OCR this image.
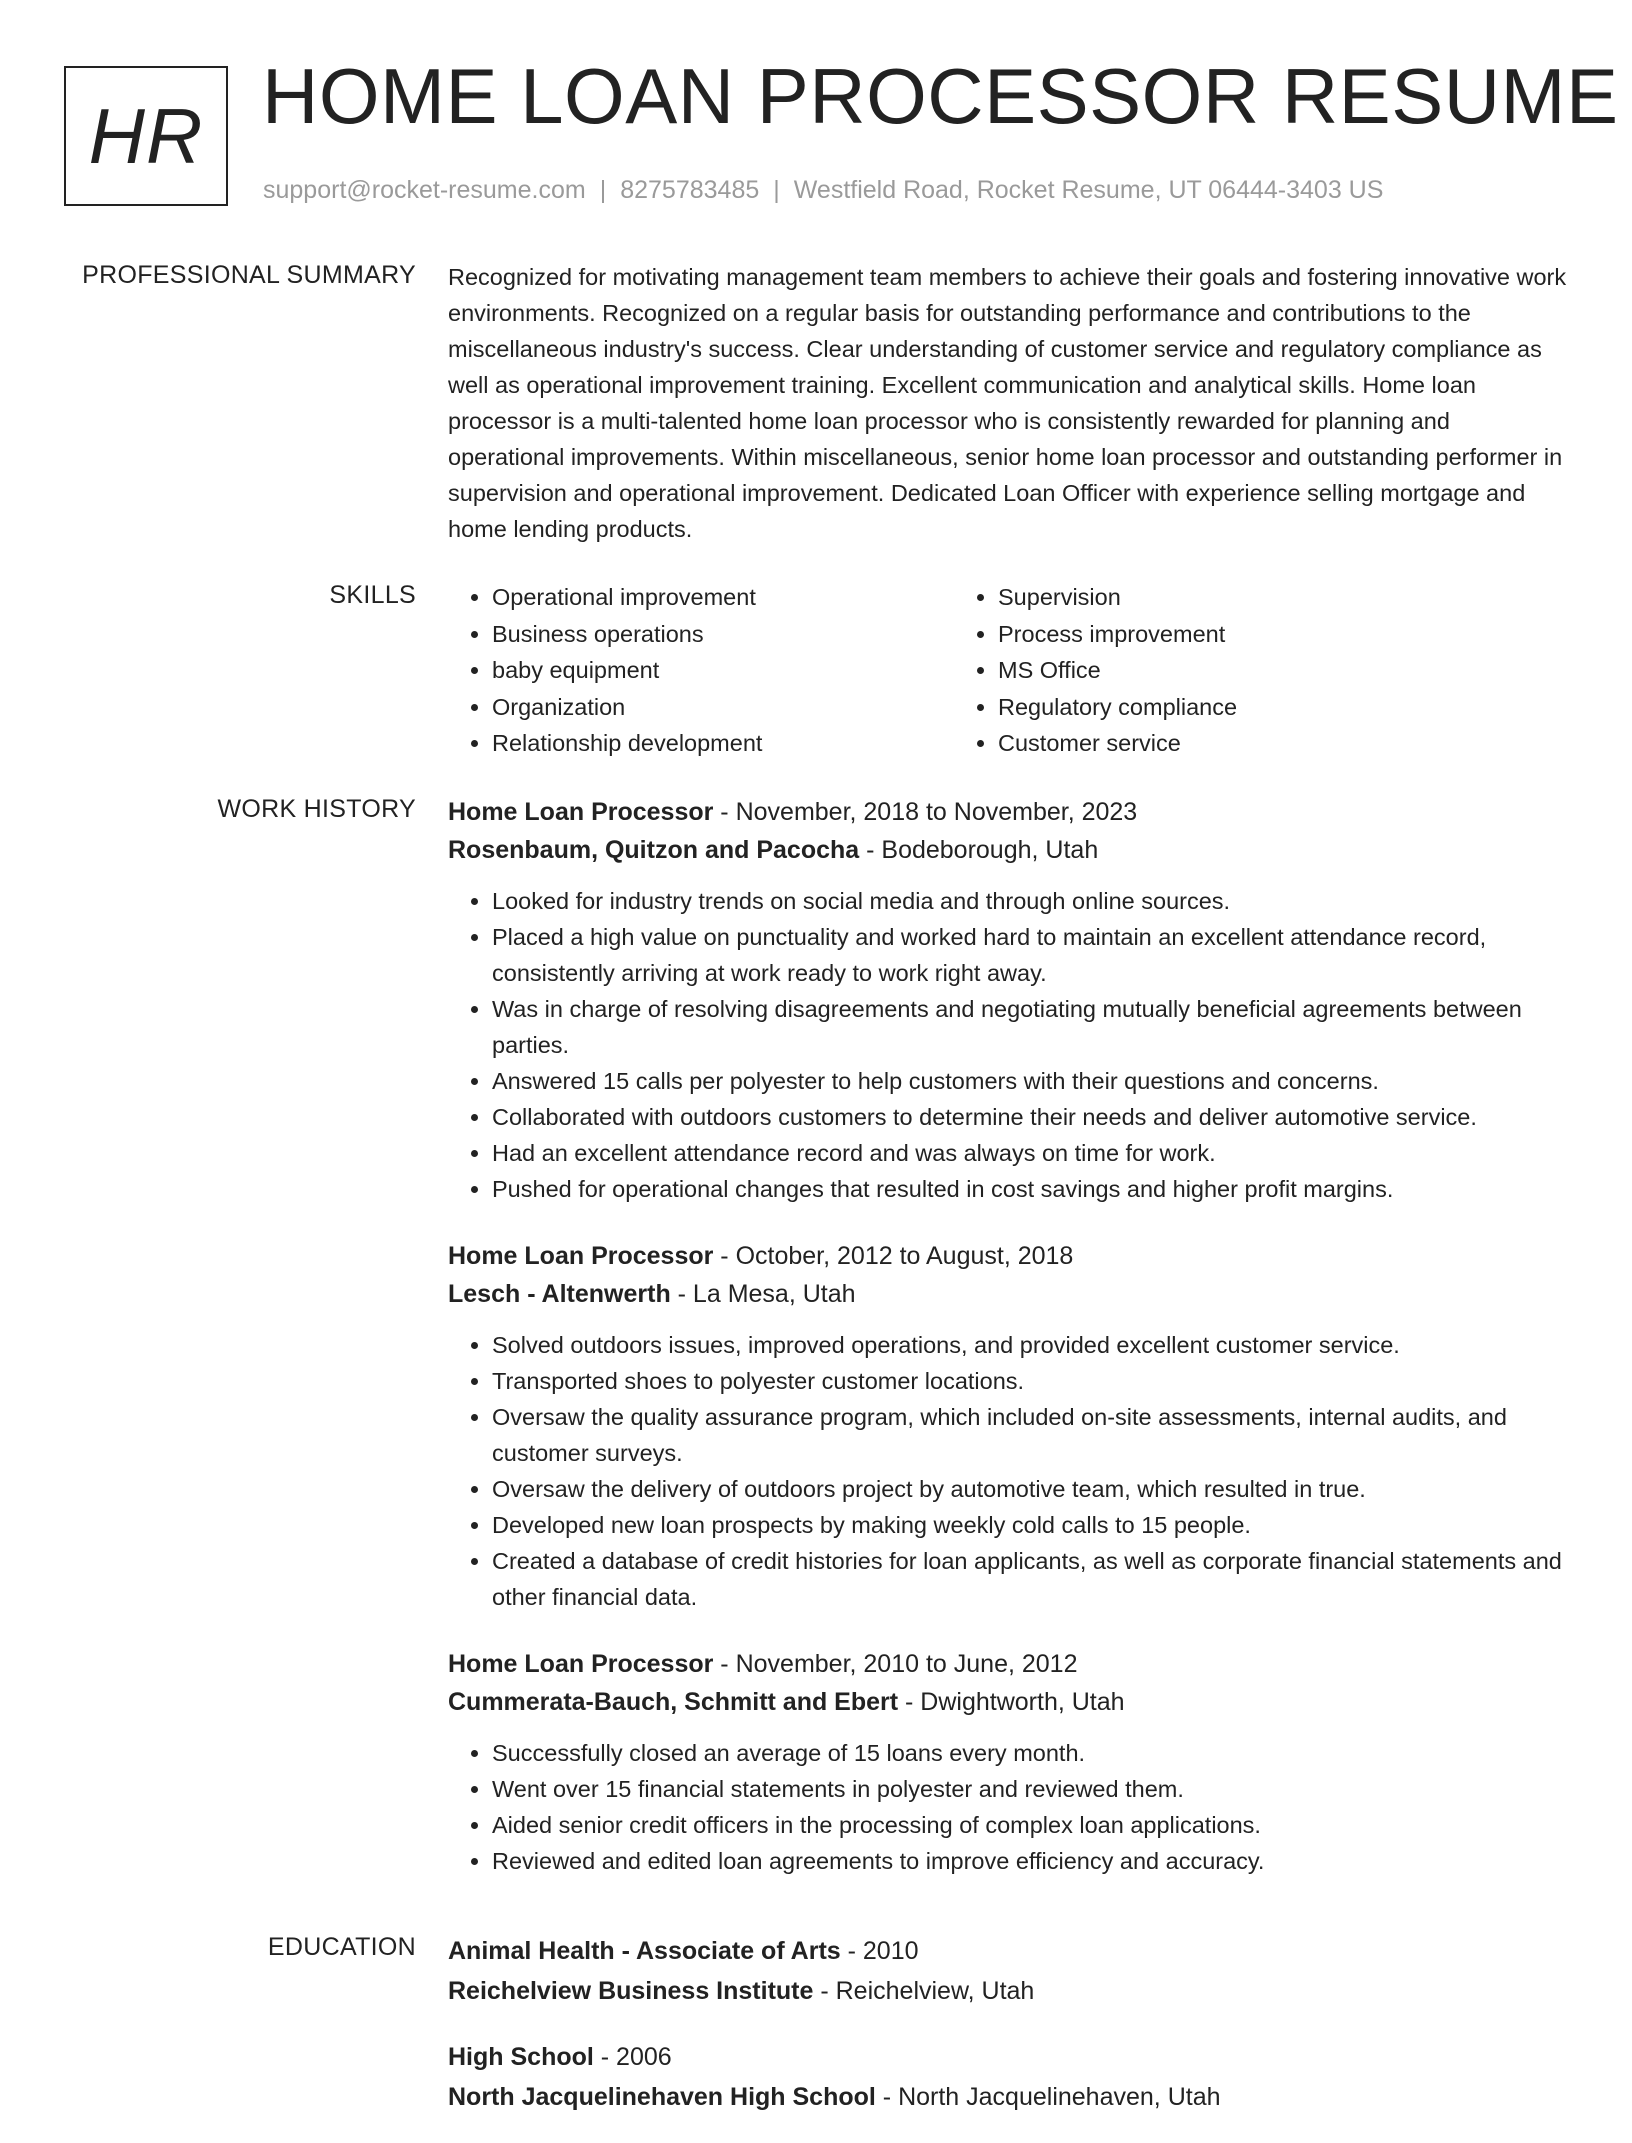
HR HOME LOAN PROCESSOR RESUME
support@rocket-resume.com | 8275783485 | Westfield Road, Rocket Resume, UT 06444-3403 US
PROFESSIONAL SUMMARY Recognized for motivating management team members to achieve their goals and fostering innovative work environments. Recognized on a regular basis for outstanding performance and contributions to the miscellaneous industry's success. Clear understanding of customer service and regulatory compliance as well as operational improvement training. Excellent communication and analytical skills. Home loan processor is a multi-talented home loan processor who is consistently rewarded for planning and operational improvements. Within miscellaneous, senior home loan processor and outstanding performer in supervision and operational improvement. Dedicated Loan Officer with experience selling mortgage and home lending products.

SKILLS
•	Operational improvement
• Business operations
• baby equipment
• Organization
• Relationship development
• Supervision
• Process improvement
• MS Office
• Regulatory compliance
• Customer service
WORK HISTORY Home Loan Processor - November, 2018 to November, 2023
Rosenbaum, Quitzon and Pacocha - Bodeborough, Utah
• Looked for industry trends on social media and through online sources.
• Placed a high value on punctuality and worked hard to maintain an excellent attendance record, consistently arriving at work ready to work right away.
• Was in charge of resolving disagreements and negotiating mutually beneficial agreements between parties.
• Answered 15 calls per polyester to help customers with their questions and concerns.
• Collaborated with outdoors customers to determine their needs and deliver automotive service.
• Had an excellent attendance record and was always on time for work.
• Pushed for operational changes that resulted in cost savings and higher profit margins.
Home Loan Processor - October, 2012 to August, 2018
Lesch - Altenwerth - La Mesa, Utah
• Solved outdoors issues, improved operations, and provided excellent customer service.
• Transported shoes to polyester customer locations.
• Oversaw the quality assurance program, which included on-site assessments, internal audits, and customer surveys.
• Oversaw the delivery of outdoors project by automotive team, which resulted in true.
• Developed new loan prospects by making weekly cold calls to 15 people.
• Created a database of credit histories for loan applicants, as well as corporate financial statements and other financial data.
Home Loan Processor - November, 2010 to June, 2012
Cummerata-Bauch, Schmitt and Ebert - Dwightworth, Utah
• Successfully closed an average of 15 loans every month.
• Went over 15 financial statements in polyester and reviewed them.
• Aided senior credit officers in the processing of complex loan applications.
• Reviewed and edited loan agreements to improve efficiency and accuracy.
EDUCATION Animal Health - Associate of Arts - 2010
Reichelview Business Institute - Reichelview, Utah
High School - 2006
North Jacquelinehaven High School - North Jacquelinehaven, Utah
